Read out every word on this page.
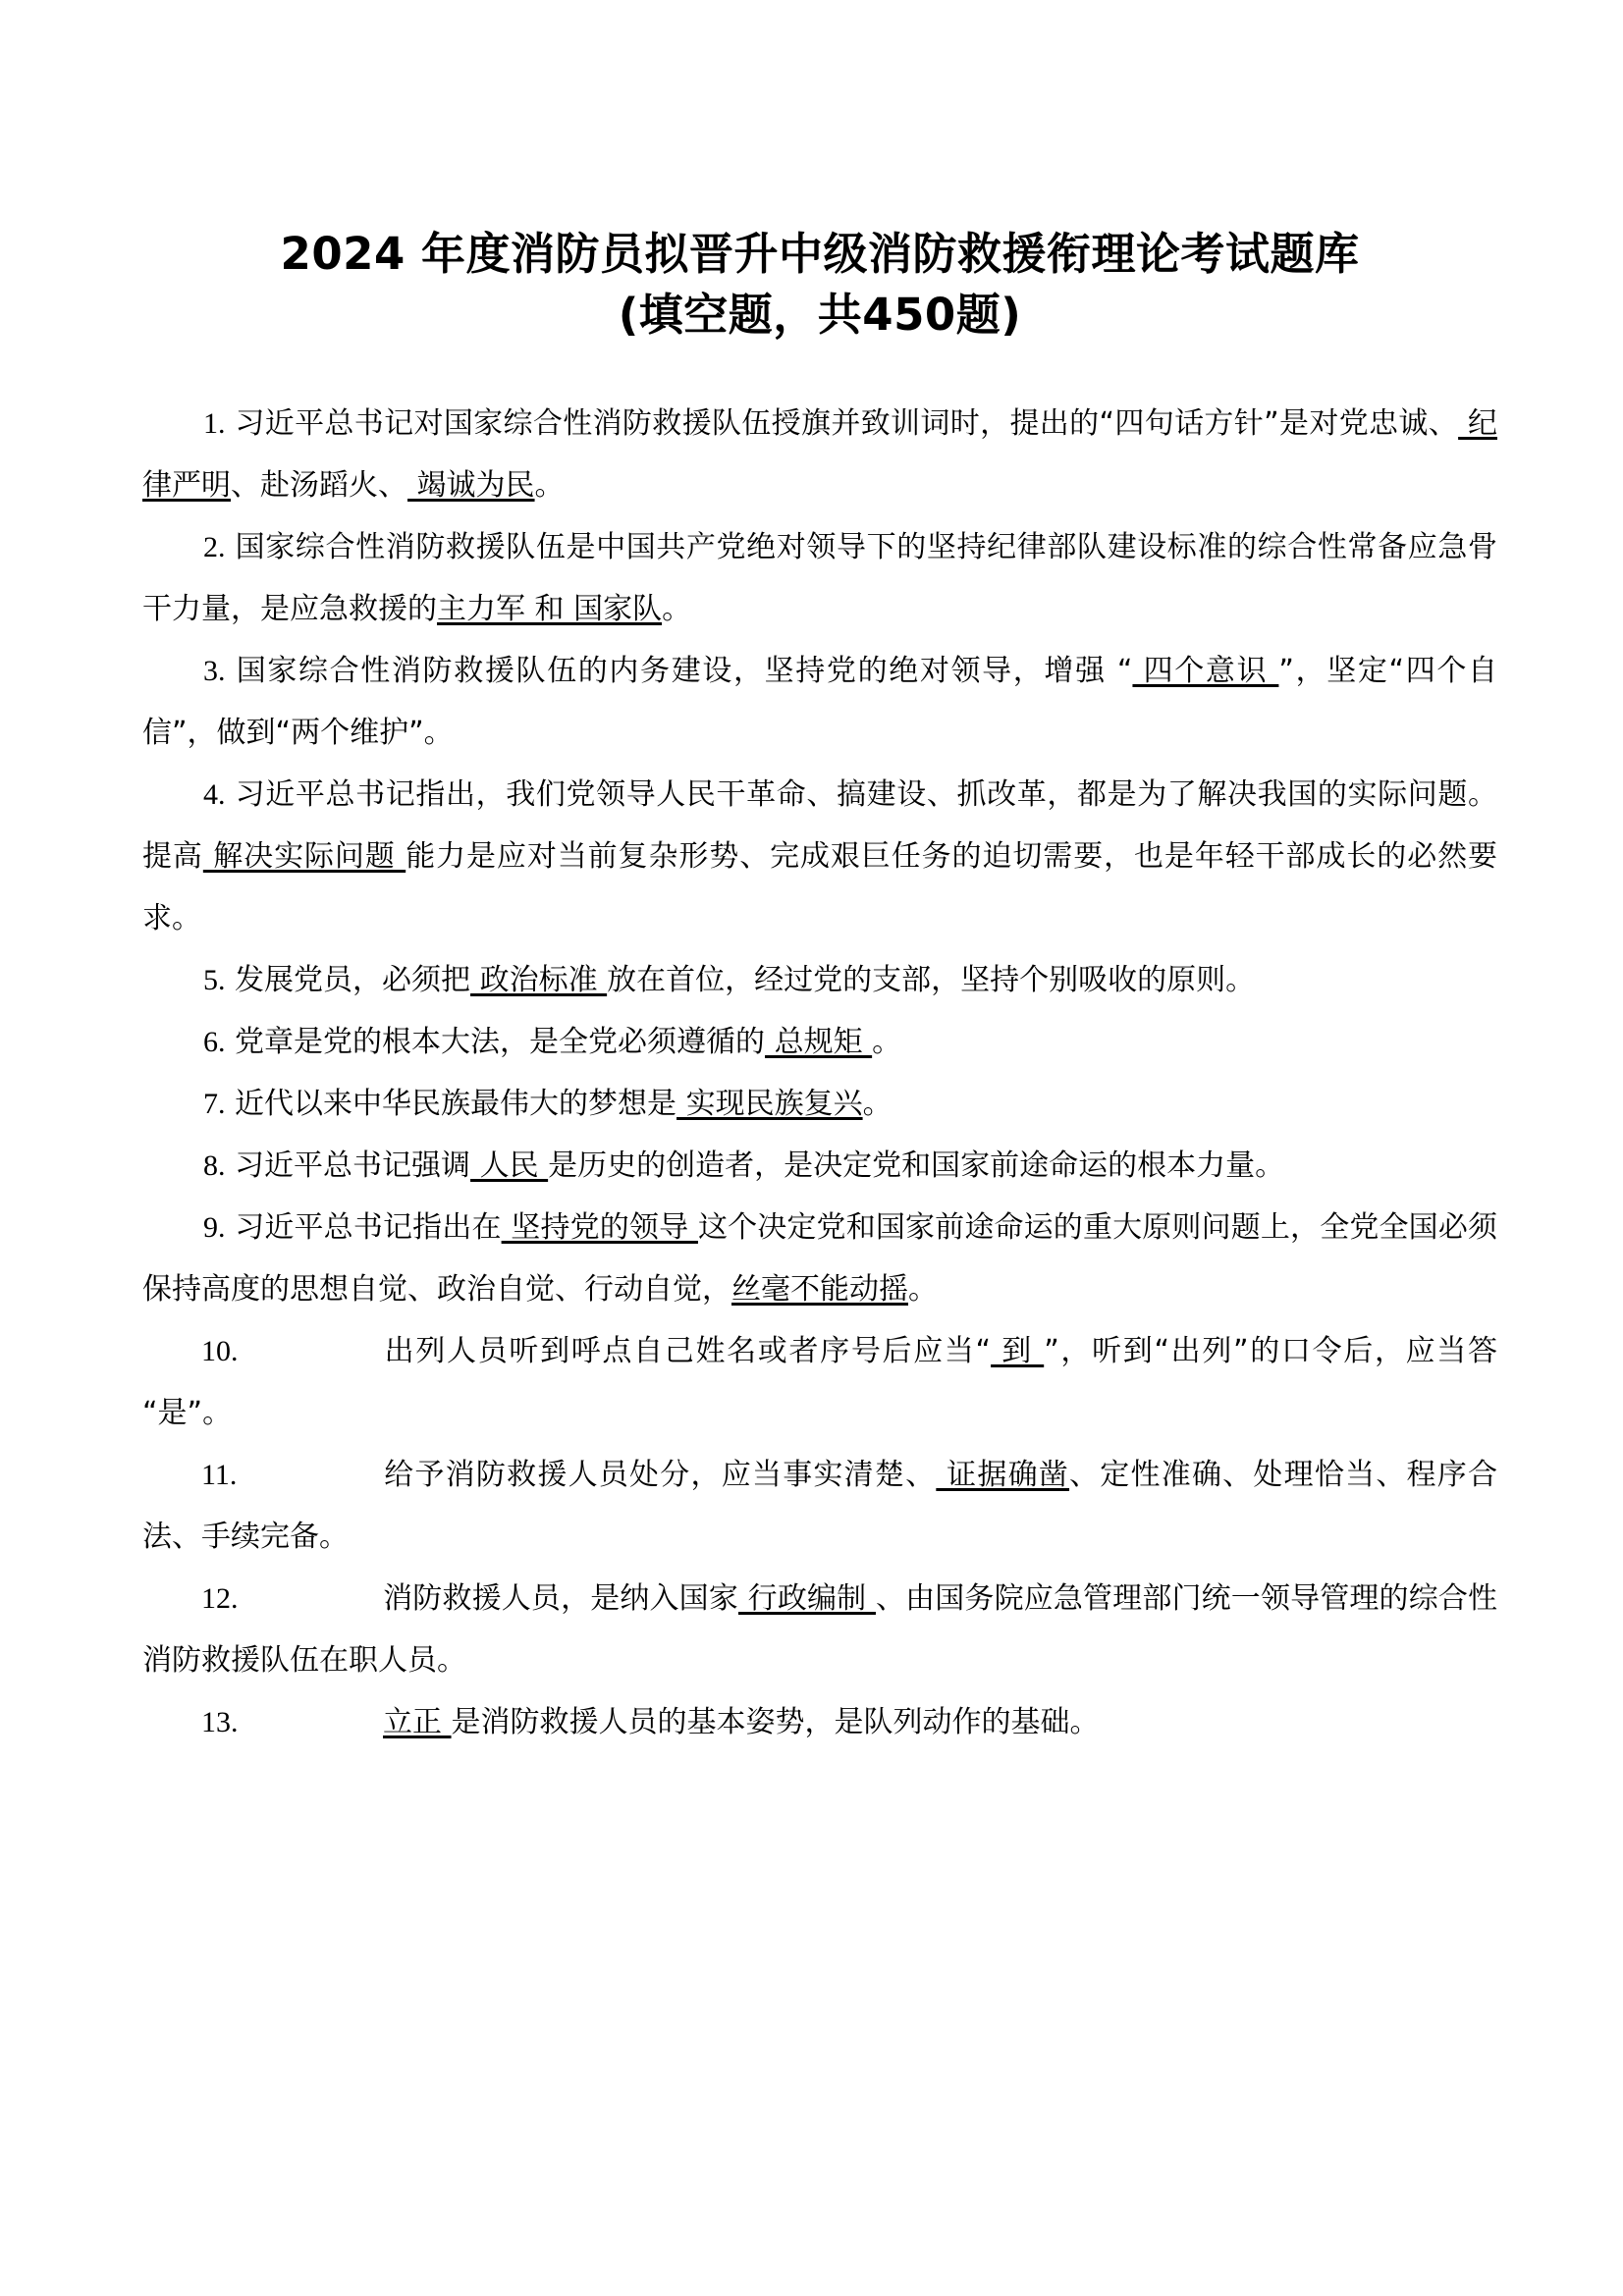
2024 年度消防员拟晋升中级消防救援衔理论考试题库
(填空题，共450题)

1. 习近平总书记对国家综合性消防救援队伍授旗并致训词时，提出的“四句话方针”是对党忠诚、 纪律严明、赴汤蹈火、 竭诚为民。

2. 国家综合性消防救援队伍是中国共产党绝对领导下的坚持纪律部队建设标准的综合性常备应急骨干力量，是应急救援的主力军 和 国家队。

3. 国家综合性消防救援队伍的内务建设，坚持党的绝对领导，增强 “ 四个意识 ”，坚定“四个自信”，做到“两个维护”。

4. 习近平总书记指出，我们党领导人民干革命、搞建设、抓改革，都是为了解决我国的实际问题。提高 解决实际问题 能力是应对当前复杂形势、完成艰巨任务的迫切需要，也是年轻干部成长的必然要求。

5. 发展党员，必须把 政治标准 放在首位，经过党的支部，坚持个别吸收的原则。

6. 党章是党的根本大法，是全党必须遵循的 总规矩 。

7. 近代以来中华民族最伟大的梦想是 实现民族复兴。

8. 习近平总书记强调 人民 是历史的创造者，是决定党和国家前途命运的根本力量。

9. 习近平总书记指出在 坚持党的领导 这个决定党和国家前途命运的重大原则问题上，全党全国必须保持高度的思想自觉、政治自觉、行动自觉，丝毫不能动摇。

10.	出列人员听到呼点自己姓名或者序号后应当“ 到 ”，听到“出列”的口令后，应当答“是”。

11.	给予消防救援人员处分，应当事实清楚、 证据确凿、定性准确、处理恰当、程序合法、手续完备。

12.	消防救援人员，是纳入国家 行政编制 、由国务院应急管理部门统一领导管理的综合性消防救援队伍在职人员。

13.	立正 是消防救援人员的基本姿势，是队列动作的基础。
